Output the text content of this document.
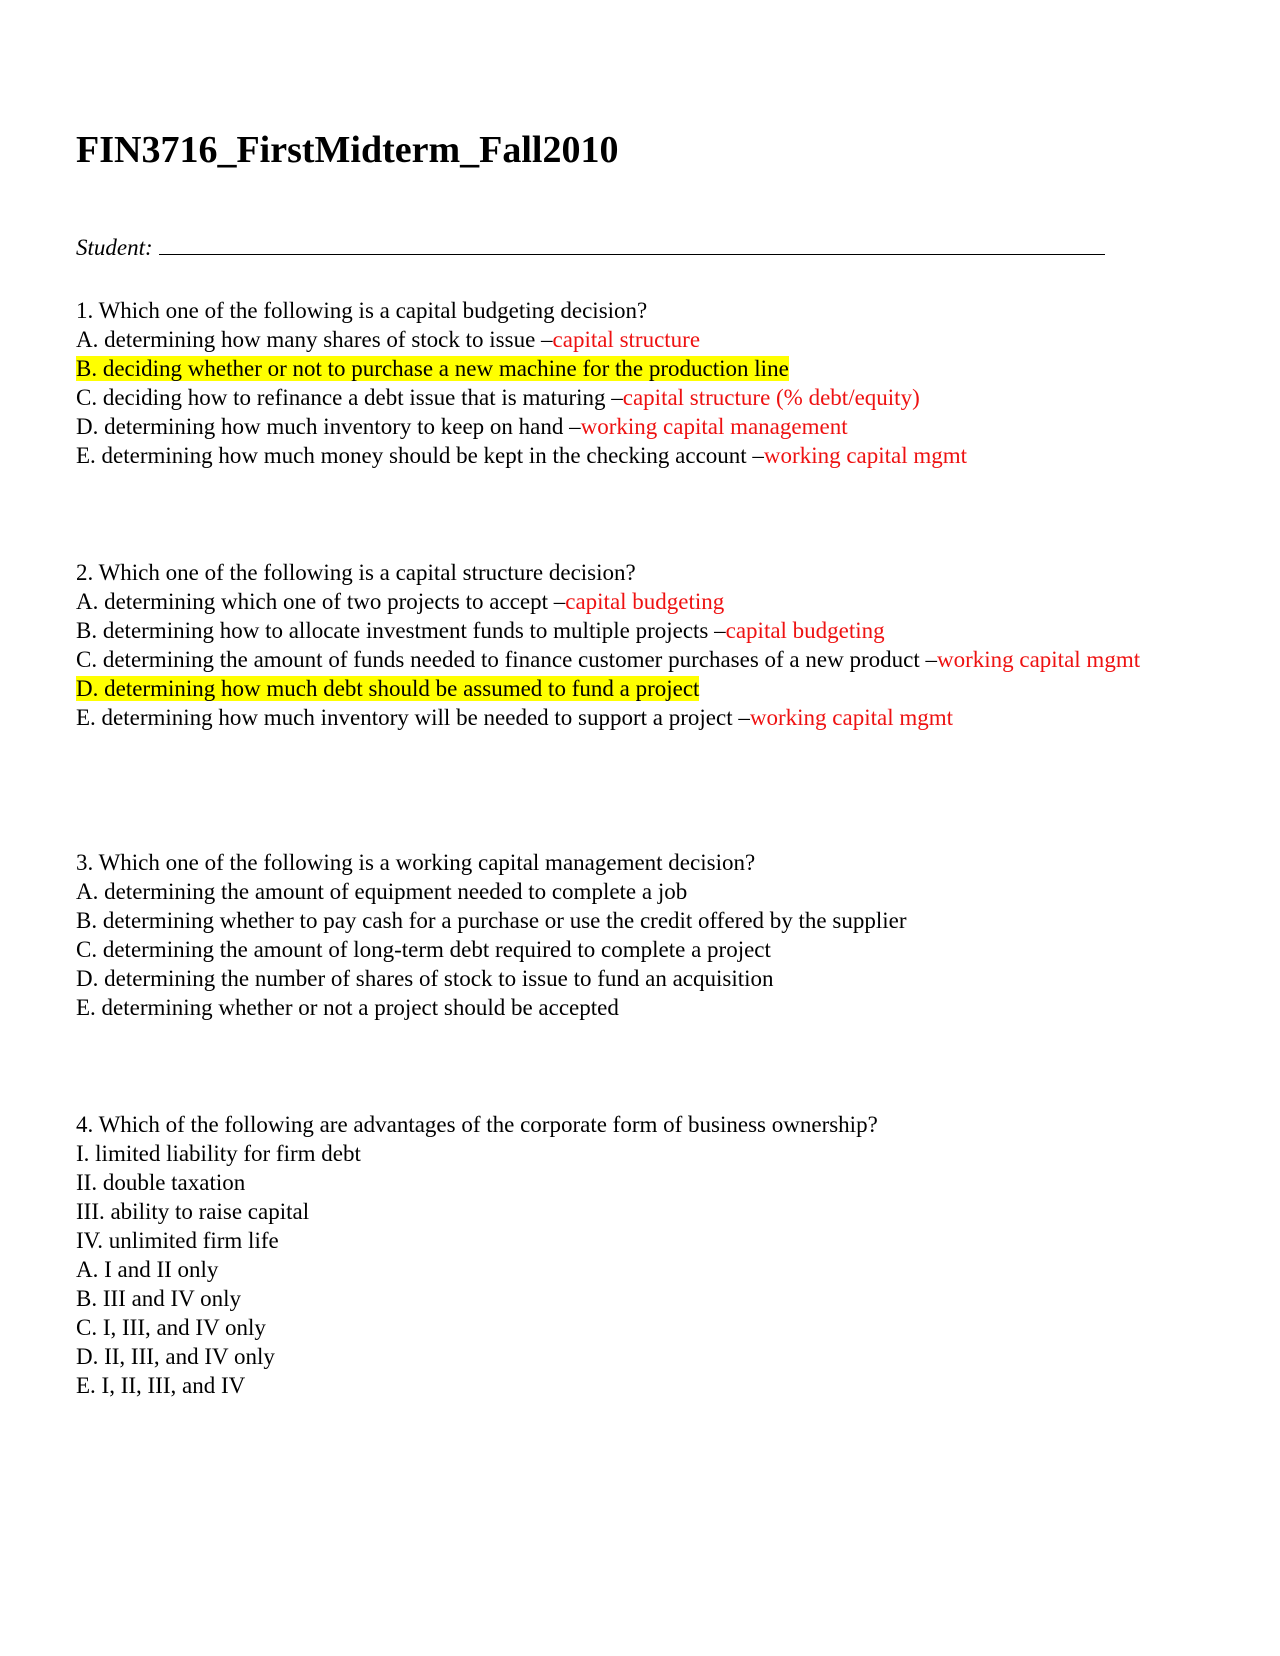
FIN3716_FirstMidterm_Fall2010
Student:
1. Which one of the following is a capital budgeting decision?
A. determining how many shares of stock to issue –capital structure
B. deciding whether or not to purchase a new machine for the production line
C. deciding how to refinance a debt issue that is maturing –capital structure (% debt/equity)
D. determining how much inventory to keep on hand –working capital management
E. determining how much money should be kept in the checking account –working capital mgmt
2. Which one of the following is a capital structure decision?
A. determining which one of two projects to accept –capital budgeting
B. determining how to allocate investment funds to multiple projects –capital budgeting
C. determining the amount of funds needed to finance customer purchases of a new product –working capital mgmt
D. determining how much debt should be assumed to fund a project
E. determining how much inventory will be needed to support a project –working capital mgmt
3. Which one of the following is a working capital management decision?
A. determining the amount of equipment needed to complete a job
B. determining whether to pay cash for a purchase or use the credit offered by the supplier
C. determining the amount of long-term debt required to complete a project
D. determining the number of shares of stock to issue to fund an acquisition
E. determining whether or not a project should be accepted
4. Which of the following are advantages of the corporate form of business ownership?
I. limited liability for firm debt
II. double taxation
III. ability to raise capital
IV. unlimited firm life
A. I and II only
B. III and IV only
C. I, III, and IV only
D. II, III, and IV only
E. I, II, III, and IV
